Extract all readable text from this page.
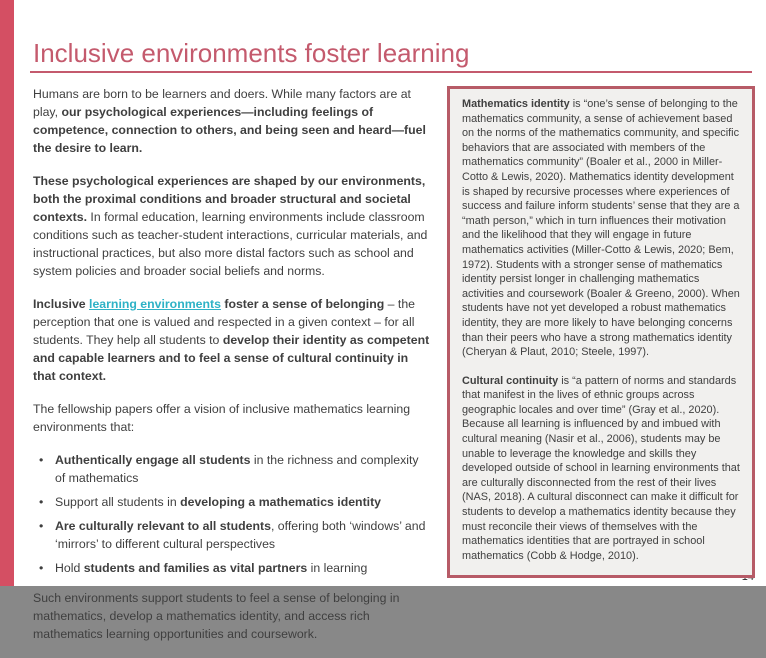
Inclusive environments foster learning

Humans are born to be learners and doers. While many factors are at play, our psychological experiences—including feelings of competence, connection to others, and being seen and heard—fuel the desire to learn.

These psychological experiences are shaped by our environments, both the proximal conditions and broader structural and societal contexts. In formal education, learning environments include classroom conditions such as teacher-student interactions, curricular materials, and instructional practices, but also more distal factors such as school and system policies and broader social beliefs and norms.

Inclusive learning environments foster a sense of belonging – the perception that one is valued and respected in a given context – for all students. They help all students to develop their identity as competent and capable learners and to feel a sense of cultural continuity in that context.

The fellowship papers offer a vision of inclusive mathematics learning environments that:

• Authentically engage all students in the richness and complexity of mathematics
• Support all students in developing a mathematics identity
• Are culturally relevant to all students, offering both ‘windows’ and ‘mirrors’ to different cultural perspectives
• Hold students and families as vital partners in learning

Such environments support students to feel a sense of belonging in mathematics, develop a mathematics identity, and access rich mathematics learning opportunities and coursework.

Mathematics identity is “one’s sense of belonging to the mathematics community, a sense of achievement based on the norms of the mathematics community, and specific behaviors that are associated with members of the mathematics community” (Boaler et al., 2000 in Miller-Cotto & Lewis, 2020). Mathematics identity development is shaped by recursive processes where experiences of success and failure inform students’ sense that they are a “math person,” which in turn influences their motivation and the likelihood that they will engage in future mathematics activities (Miller-Cotto & Lewis, 2020; Bem, 1972). Students with a stronger sense of mathematics identity persist longer in challenging mathematics activities and coursework (Boaler & Greeno, 2000). When students have not yet developed a robust mathematics identity, they are more likely to have belonging concerns than their peers who have a strong mathematics identity (Cheryan & Plaut, 2010; Steele, 1997).

Cultural continuity is “a pattern of norms and standards that manifest in the lives of ethnic groups across geographic locales and over time” (Gray et al., 2020). Because all learning is influenced by and imbued with cultural meaning (Nasir et al., 2006), students may be unable to leverage the knowledge and skills they developed outside of school in learning environments that are culturally disconnected from the rest of their lives (NAS, 2018). A cultural disconnect can make it difficult for students to develop a mathematics identity because they must reconcile their views of themselves with the mathematics identities that are portrayed in school mathematics (Cobb & Hodge, 2010).
